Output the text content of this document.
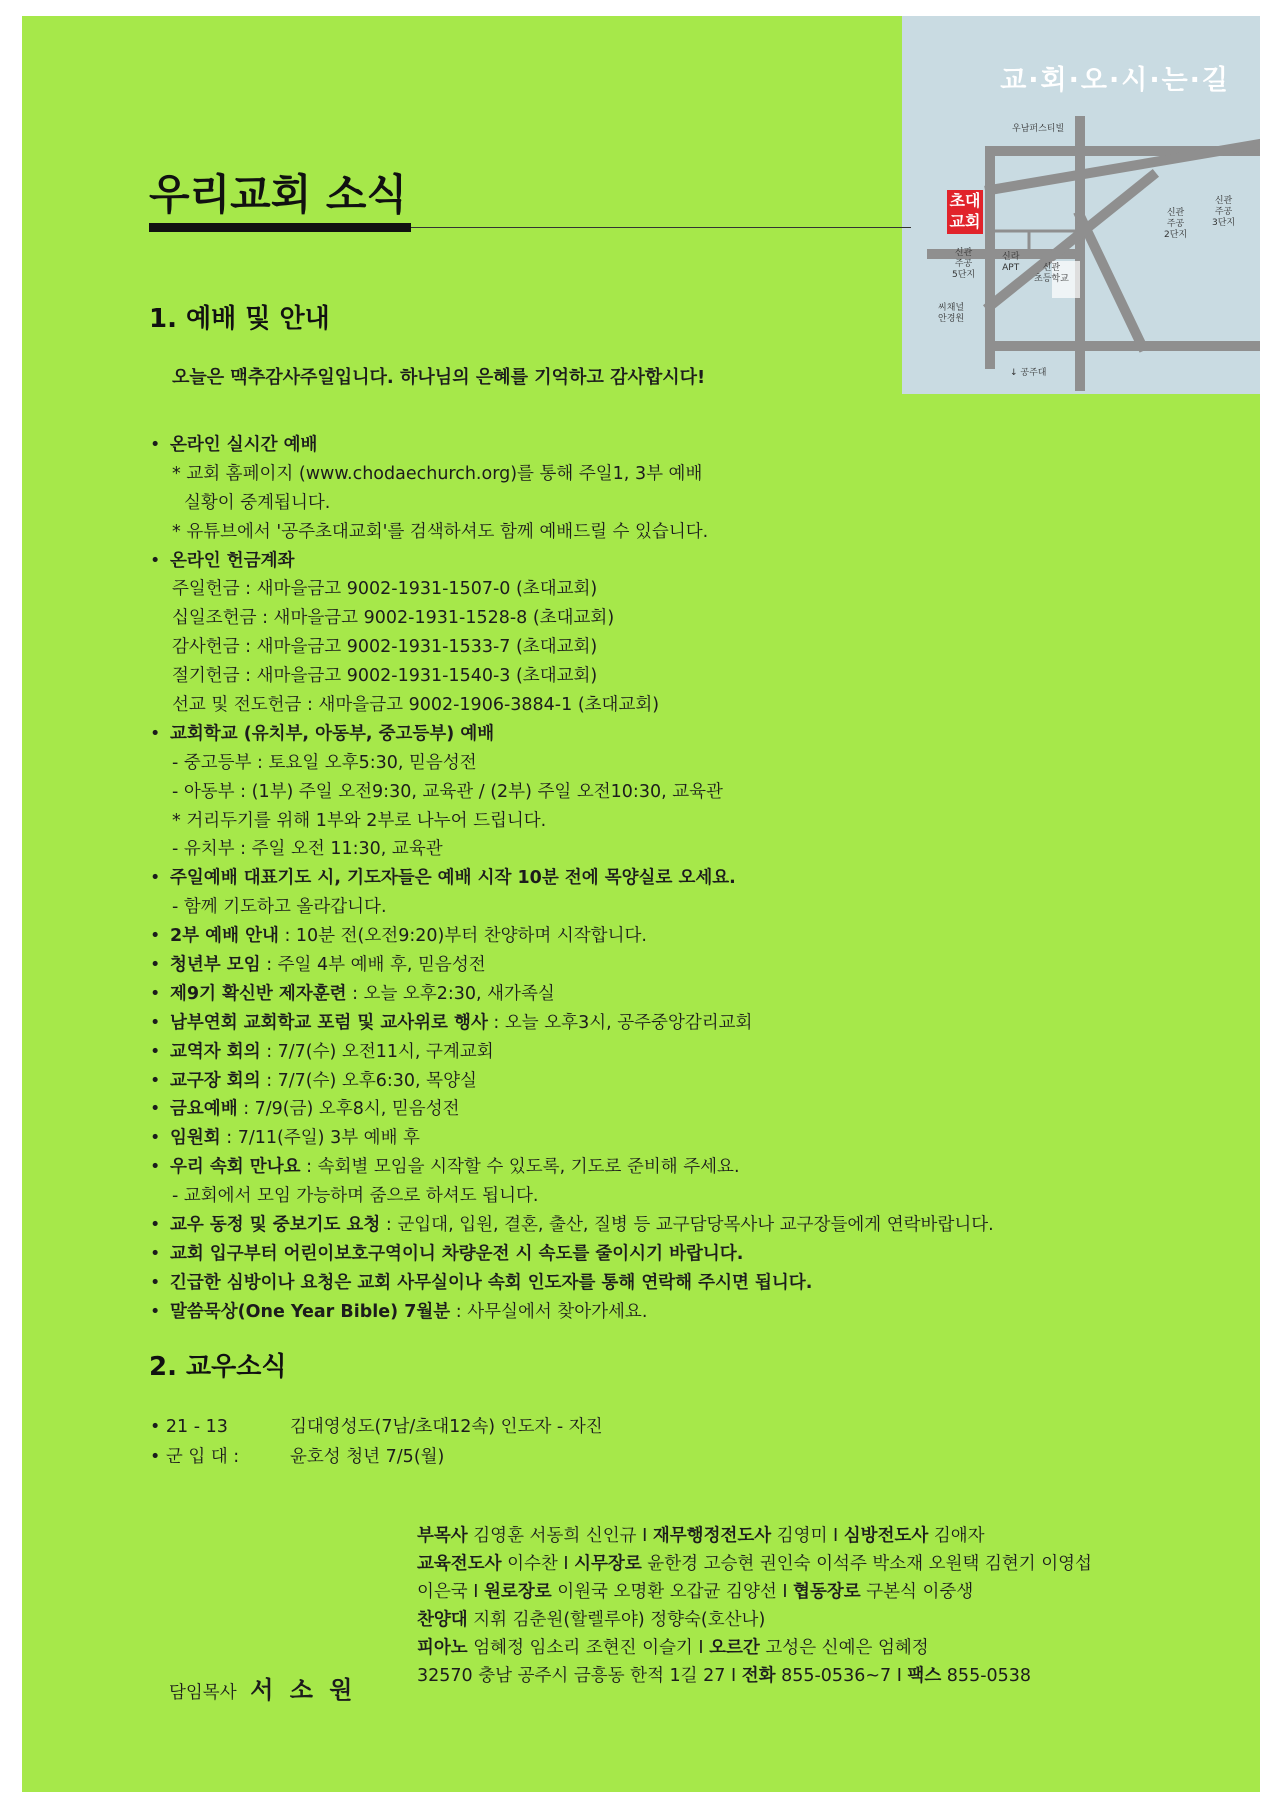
교·회·오·시·는·길
우남퍼스티빌
신관
주공
5단지
신라
APT	신관
초등학교
신관
주공
2단지
신관
주공
3단지
씨채널
안경원
↓ 공주대
초대
교회
우리교회 소식
1. 예배 및 안내
오늘은 맥추감사주일입니다. 하나님의 은혜를 기억하고 감사합시다!
• 온라인 실시간 예배
* 교회 홈페이지 (www.chodaechurch.org)를 통해 주일1, 3부 예배
실황이 중계됩니다.
* 유튜브에서 '공주초대교회'를 검색하셔도 함께 예배드릴 수 있습니다.
• 온라인 헌금계좌
주일헌금 : 새마을금고 9002-1931-1507-0 (초대교회)
십일조헌금 : 새마을금고 9002-1931-1528-8 (초대교회)
감사헌금 : 새마을금고 9002-1931-1533-7 (초대교회)
절기헌금 : 새마을금고 9002-1931-1540-3 (초대교회)
선교 및 전도헌금 : 새마을금고 9002-1906-3884-1 (초대교회)
• 교회학교 (유치부, 아동부, 중고등부) 예배
- 중고등부 : 토요일 오후5:30, 믿음성전
- 아동부 : (1부) 주일 오전9:30, 교육관 / (2부) 주일 오전10:30, 교육관
* 거리두기를 위해 1부와 2부로 나누어 드립니다.
- 유치부 : 주일 오전 11:30, 교육관
• 주일예배 대표기도 시, 기도자들은 예배 시작 10분 전에 목양실로 오세요.
- 함께 기도하고 올라갑니다.
• 2부 예배 안내 : 10분 전(오전9:20)부터 찬양하며 시작합니다.
• 청년부 모임 : 주일 4부 예배 후, 믿음성전
• 제9기 확신반 제자훈련 : 오늘 오후2:30, 새가족실
• 남부연회 교회학교 포럼 및 교사위로 행사 : 오늘 오후3시, 공주중앙감리교회
• 교역자 회의 : 7/7(수) 오전11시, 구계교회
• 교구장 회의 : 7/7(수) 오후6:30, 목양실
• 금요예배 : 7/9(금) 오후8시, 믿음성전
• 임원회 : 7/11(주일) 3부 예배 후
• 우리 속회 만나요 : 속회별 모임을 시작할 수 있도록, 기도로 준비해 주세요.
- 교회에서 모임 가능하며 줌으로 하셔도 됩니다.
• 교우 동정 및 중보기도 요청 : 군입대, 입원, 결혼, 출산, 질병 등 교구담당목사나 교구장들에게 연락바랍니다.
• 교회 입구부터 어린이보호구역이니 차량운전 시 속도를 줄이시기 바랍니다.
• 긴급한 심방이나 요청은 교회 사무실이나 속회 인도자를 통해 연락해 주시면 됩니다.
• 말씀묵상(One Year Bible) 7월분 : 사무실에서 찾아가세요.
2. 교우소식
• 21 - 13	김대영성도(7남/초대12속) 인도자 - 자진
• 군 입 대 :	윤호성 청년 7/5(월)
부목사 김영훈 서동희 신인규 I 재무행정전도사 김영미 I 심방전도사 김애자
교육전도사 이수찬 I 시무장로 윤한경 고승현 권인숙 이석주 박소재 오원택 김현기 이영섭
이은국 I 원로장로 이원국 오명환 오갑균 김양선 I 협동장로 구본식 이중생
찬양대 지휘 김춘원(할렐루야) 정향숙(호산나)
피아노 엄혜정 임소리 조현진 이슬기 I 오르간 고성은 신예은 엄혜정
32570 충남 공주시 금흥동 한적 1길 27 I 전화 855-0536~7 I 팩스 855-0538
담임목사 서 소 원
